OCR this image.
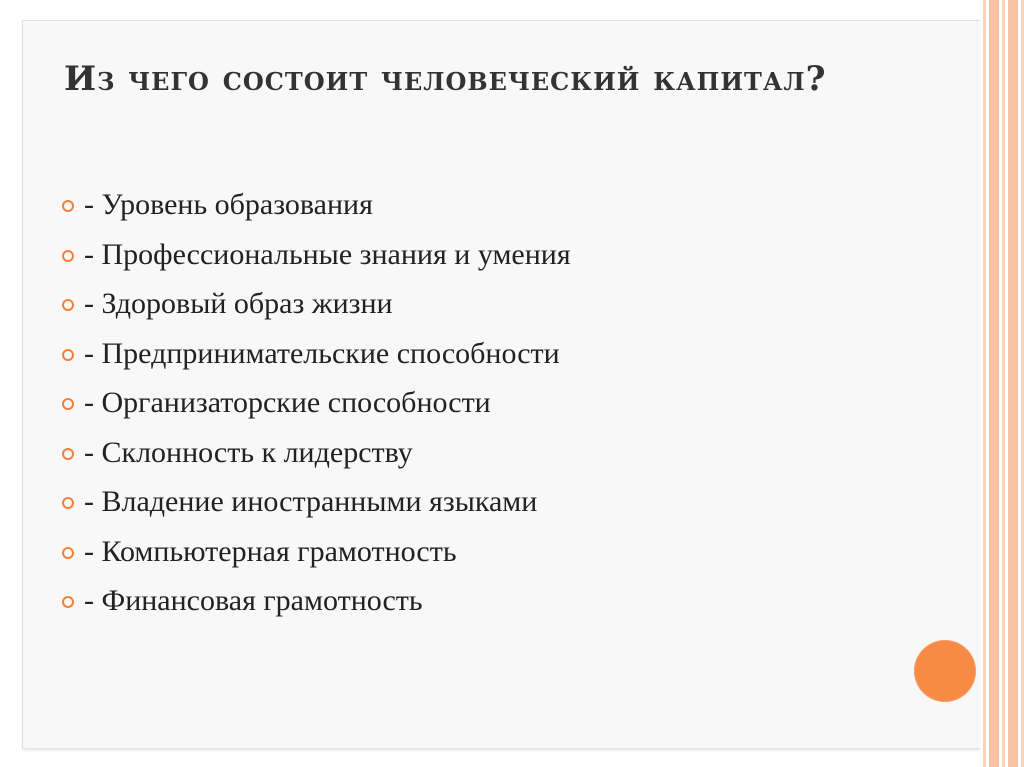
Из чего состоит человеческий капитал?
- Уровень образования
- Профессиональные знания и умения
- Здоровый образ жизни
- Предпринимательские способности
- Организаторские способности
- Склонность к лидерству
- Владение иностранными языками
- Компьютерная грамотность
- Финансовая грамотность
